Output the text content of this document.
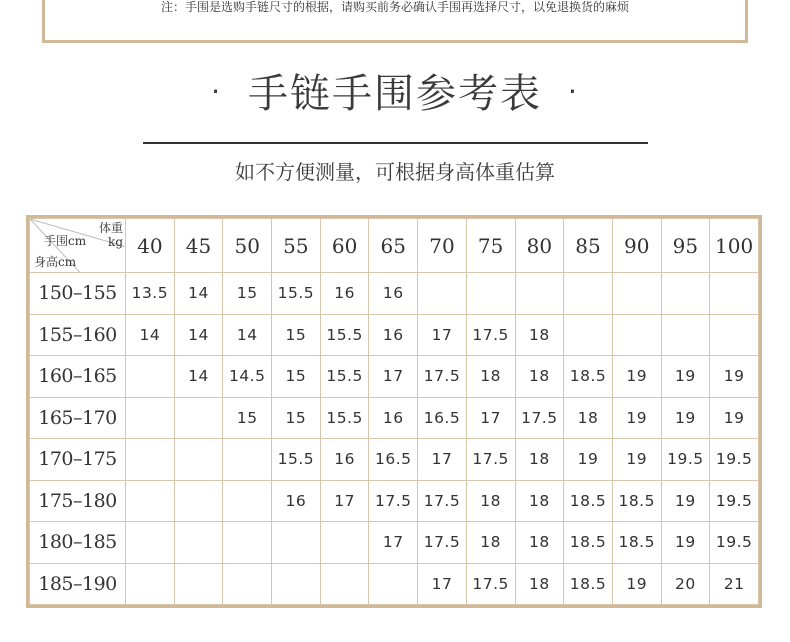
注：手围是选购手链尺寸的根据，请购买前务必确认手围再选择尺寸，以免退换货的麻烦
· 手链手围参考表 ·
如不方便测量，可根据身高体重估算
体重
kg
手围cm
身高cm	40	45	50	55	60	65	70	75	80	85	90	95	100
150–155	13.5	14	15	15.5	16	16							
155–160	14	14	14	15	15.5	16	17	17.5	18				
160–165		14	14.5	15	15.5	17	17.5	18	18	18.5	19	19	19
165–170			15	15	15.5	16	16.5	17	17.5	18	19	19	19
170–175				15.5	16	16.5	17	17.5	18	19	19	19.5	19.5
175–180				16	17	17.5	17.5	18	18	18.5	18.5	19	19.5
180–185						17	17.5	18	18	18.5	18.5	19	19.5
185–190							17	17.5	18	18.5	19	20	21
